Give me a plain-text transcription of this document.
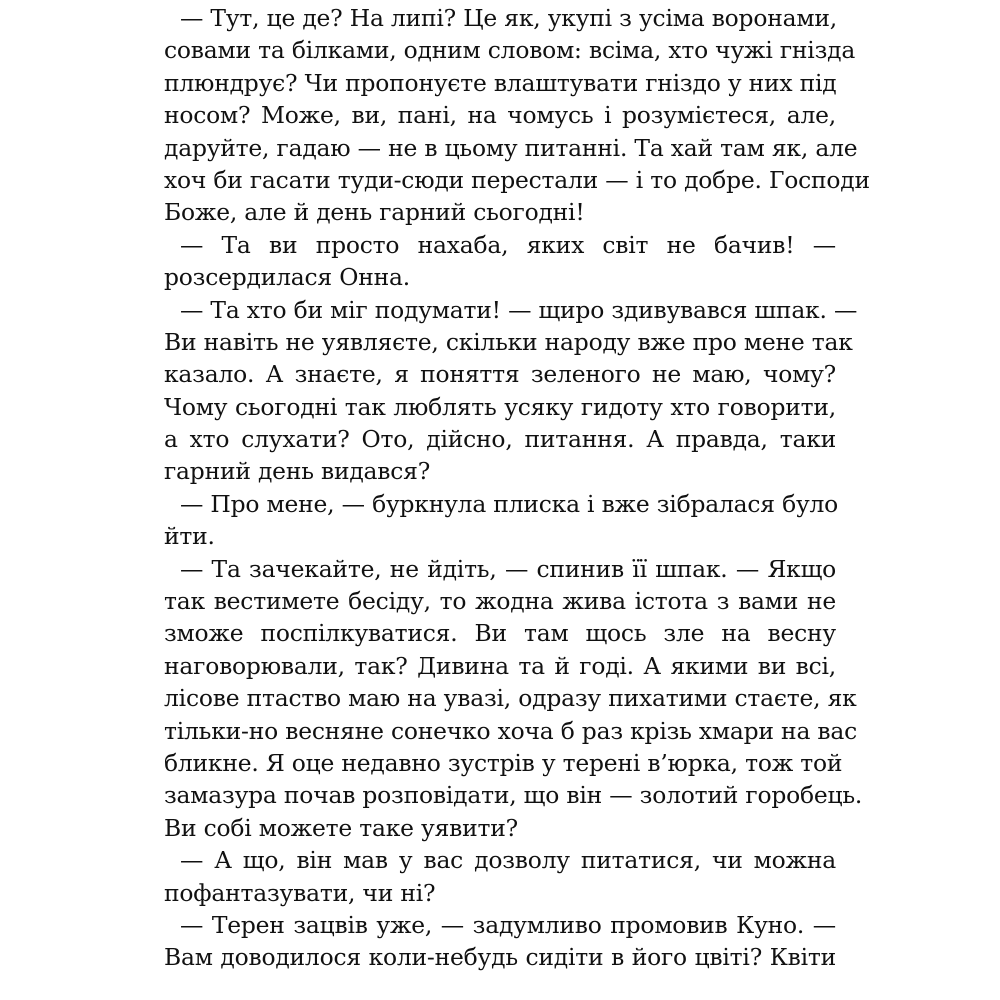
— Тут, це де? На липі? Це як, укупі з усіма воронами,
совами та білками, одним словом: всіма, хто чужі гнізда
плюндрує? Чи пропонуєте влаштувати гніздо у них під
носом? Може, ви, пані, на чомусь і розумієтеся, але,
даруйте, гадаю — не в цьому питанні. Та хай там як, але
хоч би гасати туди-сюди перестали — і то добре. Господи
Боже, але й день гарний сьогодні!
— Та ви просто нахаба, яких світ не бачив! —
розсердилася Онна.
— Та хто би міг подумати! — щиро здивувався шпак. —
Ви навіть не уявляєте, скільки народу вже про мене так
казало. А знаєте, я поняття зеленого не маю, чому?
Чому сьогодні так люблять усяку гидоту хто говорити,
а хто слухати? Ото, дійсно, питання. А правда, таки
гарний день видався?
— Про мене, — буркнула плиска і вже зібралася було
йти.
— Та зачекайте, не йдіть, — спинив її шпак. — Якщо
так вестимете бесіду, то жодна жива істота з вами не
зможе поспілкуватися. Ви там щось зле на весну
наговорювали, так? Дивина та й годі. А якими ви всі,
лісове птаство маю на увазі, одразу пихатими стаєте, як
тільки-но весняне сонечко хоча б раз крізь хмари на вас
бликне. Я оце недавно зустрів у терені в’юрка, тож той
замазура почав розповідати, що він — золотий горобець.
Ви собі можете таке уявити?
— А що, він мав у вас дозволу питатися, чи можна
пофантазувати, чи ні?
— Терен зацвів уже, — задумливо промовив Куно. —
Вам доводилося коли-небудь сидіти в його цвіті? Квіти
